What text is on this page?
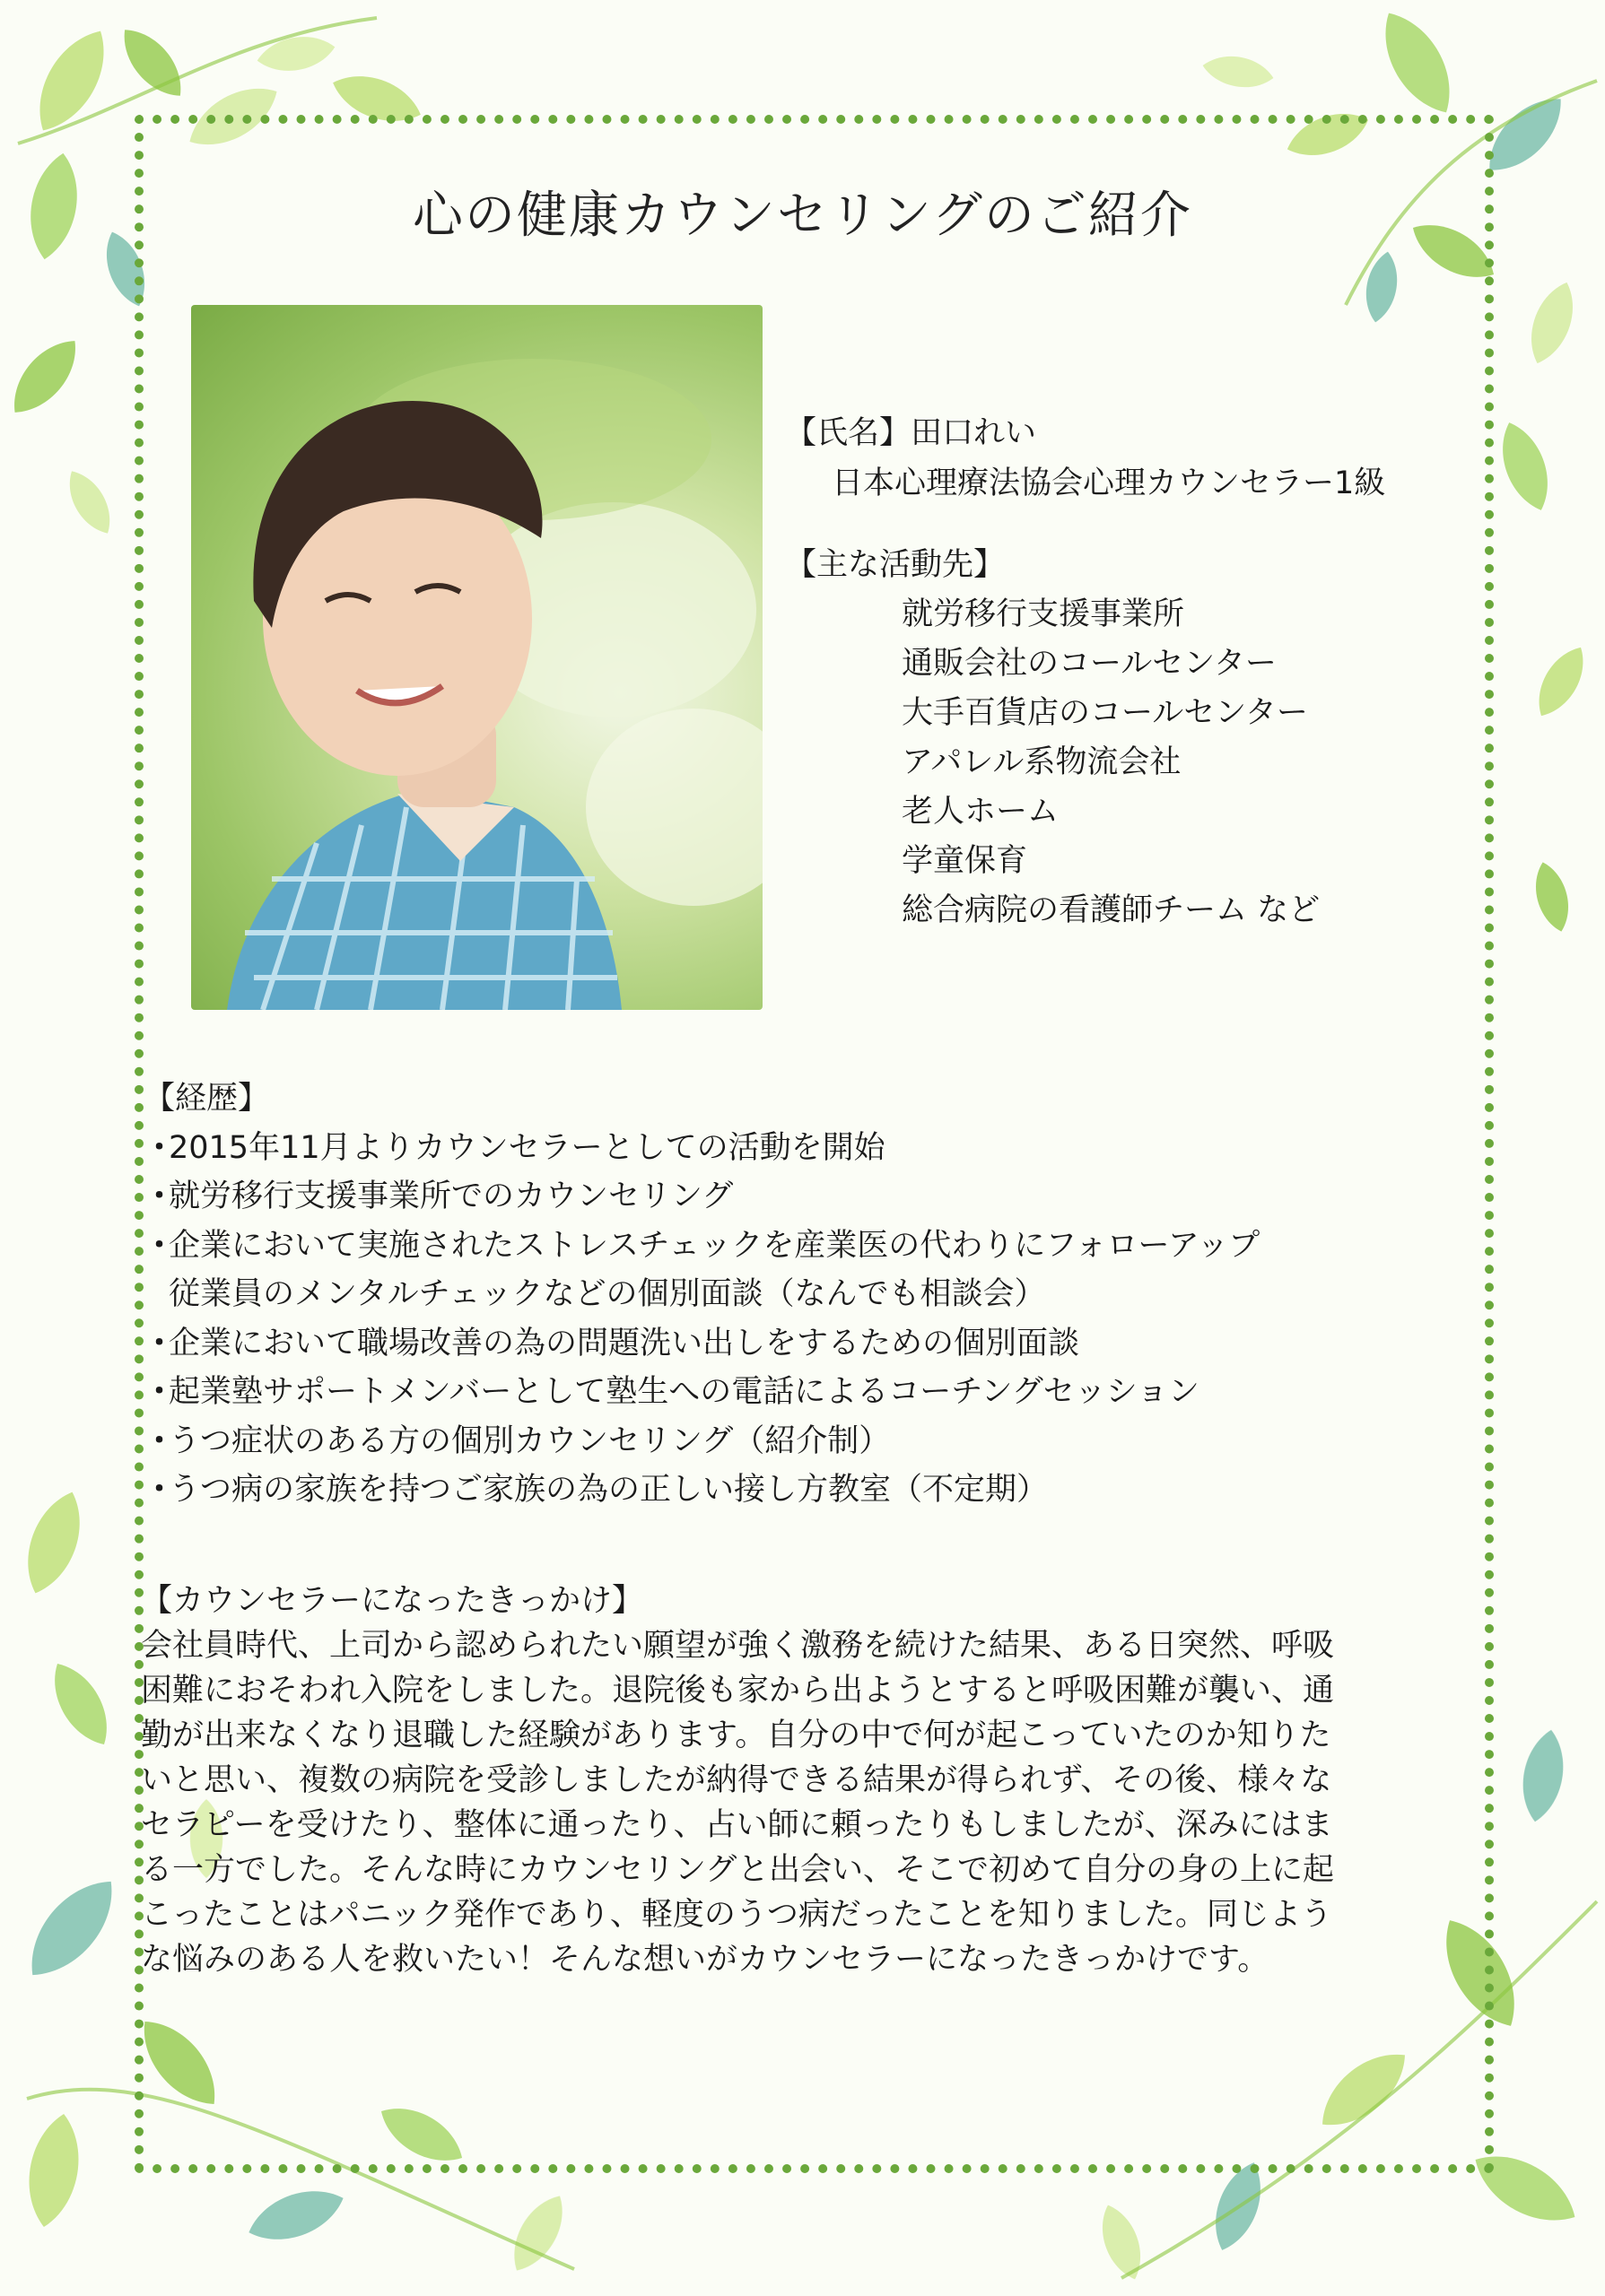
心の健康カウンセリングのご紹介
【氏名】田口れい
日本心理療法協会心理カウンセラー1級
【主な活動先】
就労移行支援事業所
通販会社のコールセンター
大手百貨店のコールセンター
アパレル系物流会社
老人ホーム
学童保育
総合病院の看護師チーム など
【経歴】
・2015年11月よりカウンセラーとしての活動を開始
・就労移行支援事業所でのカウンセリング
・企業において実施されたストレスチェックを産業医の代わりにフォローアップ
従業員のメンタルチェックなどの個別面談（なんでも相談会）
・企業において職場改善の為の問題洗い出しをするための個別面談
・起業塾サポートメンバーとして塾生への電話によるコーチングセッション
・うつ症状のある方の個別カウンセリング（紹介制）
・うつ病の家族を持つご家族の為の正しい接し方教室（不定期）
【カウンセラーになったきっかけ】

会社員時代、上司から認められたい願望が強く激務を続けた結果、ある日突然、呼吸

困難におそわれ入院をしました。退院後も家から出ようとすると呼吸困難が襲い、通

勤が出来なくなり退職した経験があります。自分の中で何が起こっていたのか知りた

いと思い、複数の病院を受診しましたが納得できる結果が得られず、その後、様々な

セラピーを受けたり、整体に通ったり、占い師に頼ったりもしましたが、深みにはま

る一方でした。そんな時にカウンセリングと出会い、そこで初めて自分の身の上に起

こったことはパニック発作であり、軽度のうつ病だったことを知りました。同じよう

な悩みのある人を救いたい！そんな想いがカウンセラーになったきっかけです。
